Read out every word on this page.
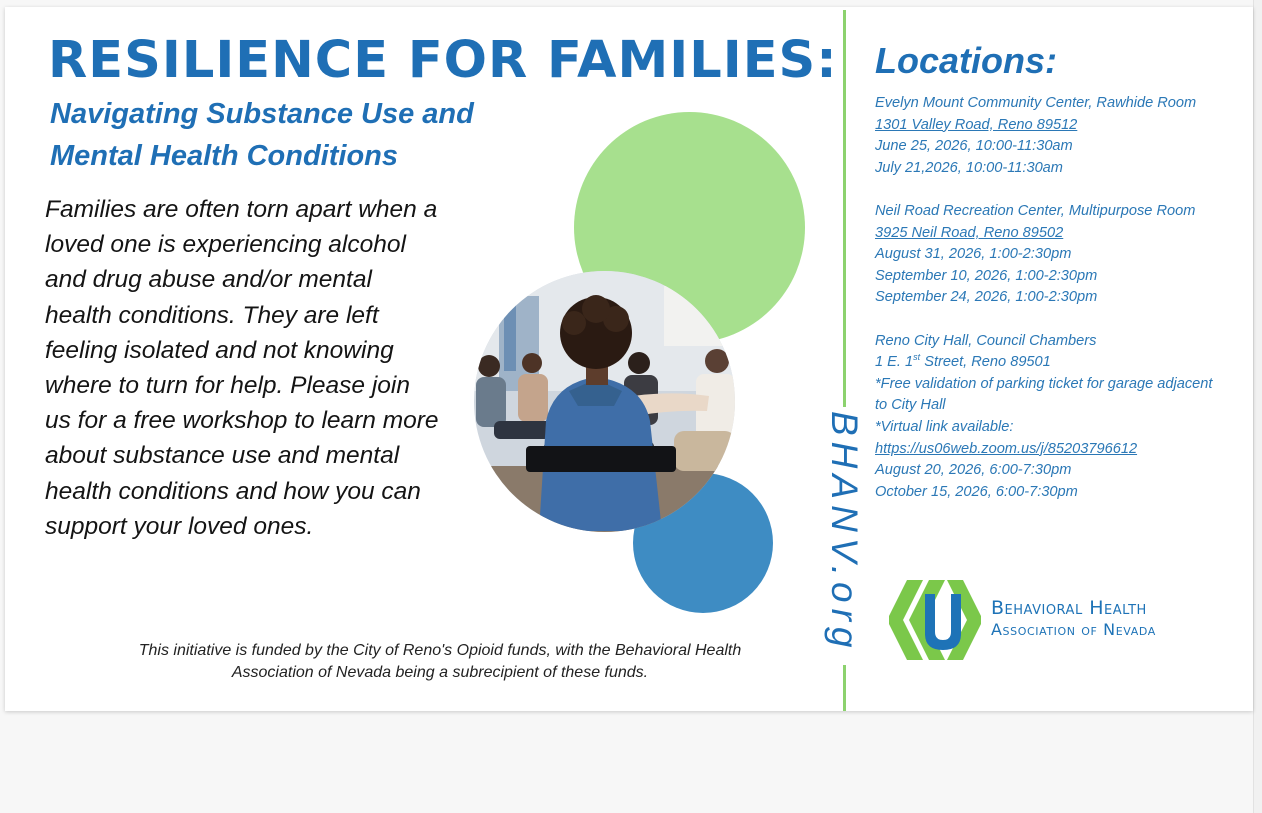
RESILIENCE FOR FAMILIES:
Navigating Substance Use and
Mental Health Conditions

Families are often torn apart when a loved one is experiencing alcohol and drug abuse and/or mental health conditions. They are left feeling isolated and not knowing where to turn for help. Please join us for a free workshop to learn more about substance use and mental health conditions and how you can support your loved ones.

This initiative is funded by the City of Reno's Opioid funds, with the Behavioral Health Association of Nevada being a subrecipient of these funds.

BHANV.org
Locations:
Evelyn Mount Community Center, Rawhide Room
1301 Valley Road, Reno 89512
June 25, 2026, 10:00-11:30am
July 21,2026, 10:00-11:30am
Neil Road Recreation Center, Multipurpose Room
3925 Neil Road, Reno 89502
August 31, 2026, 1:00-2:30pm
September 10, 2026, 1:00-2:30pm
September 24, 2026, 1:00-2:30pm
Reno City Hall, Council Chambers
1 E. 1st Street, Reno 89501
*Free validation of parking ticket for garage adjacent to City Hall
*Virtual link available:
https://us06web.zoom.us/j/85203796612
August 20, 2026, 6:00-7:30pm
October 15, 2026, 6:00-7:30pm
Behavioral Health
Association of Nevada
